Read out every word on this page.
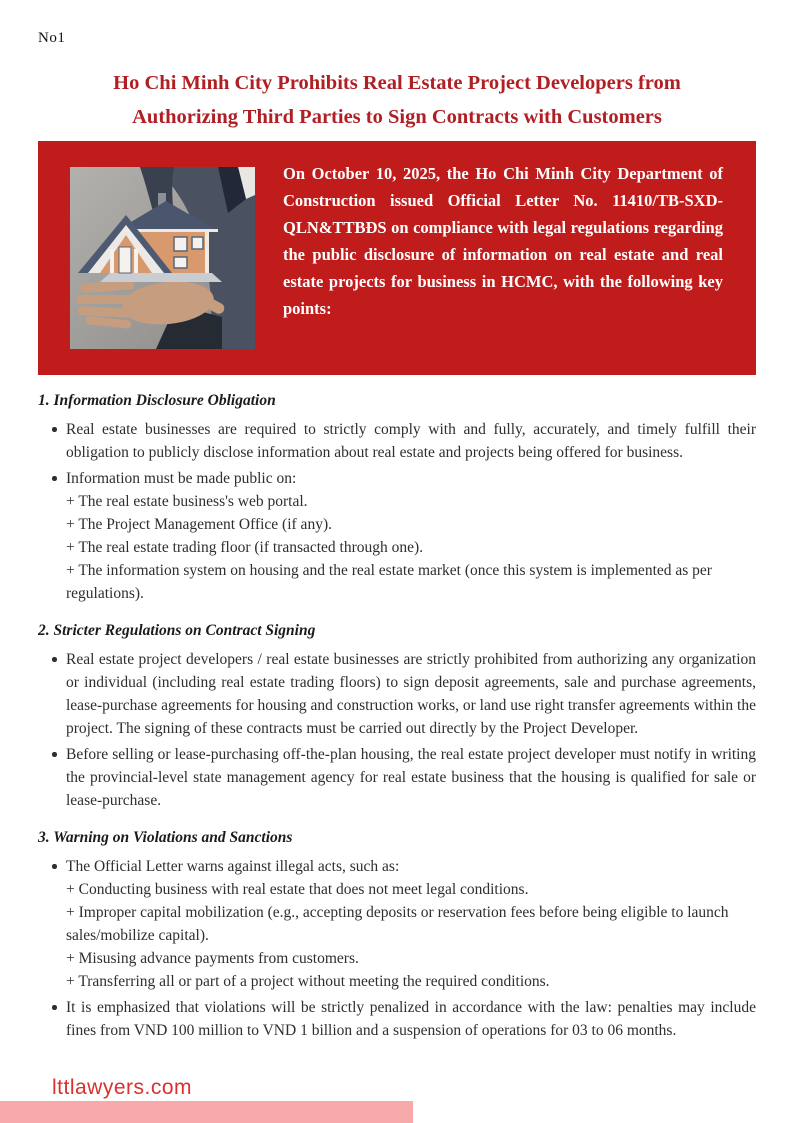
No1
Ho Chi Minh City Prohibits Real Estate Project Developers from Authorizing Third Parties to Sign Contracts with Customers

On October 10, 2025, the Ho Chi Minh City Department of Construction issued Official Letter No. 11410/TB-SXD-QLN&TTBĐS on compliance with legal regulations regarding the public disclosure of information on real estate and real estate projects for business in HCMC, with the following key points:

1. Information Disclosure Obligation
Real estate businesses are required to strictly comply with and fully, accurately, and timely fulfill their obligation to publicly disclose information about real estate and projects being offered for business.
Information must be made public on:
+ The real estate business's web portal.
+ The Project Management Office (if any).
+ The real estate trading floor (if transacted through one).
+ The information system on housing and the real estate market (once this system is implemented as per regulations).
2. Stricter Regulations on Contract Signing
Real estate project developers / real estate businesses are strictly prohibited from authorizing any organization or individual (including real estate trading floors) to sign deposit agreements, sale and purchase agreements, lease-purchase agreements for housing and construction works, or land use right transfer agreements within the project. The signing of these contracts must be carried out directly by the Project Developer.
Before selling or lease-purchasing off-the-plan housing, the real estate project developer must notify in writing the provincial-level state management agency for real estate business that the housing is qualified for sale or lease-purchase.
3. Warning on Violations and Sanctions
The Official Letter warns against illegal acts, such as:
+ Conducting business with real estate that does not meet legal conditions.
+ Improper capital mobilization (e.g., accepting deposits or reservation fees before being eligible to launch sales/mobilize capital).
+ Misusing advance payments from customers.
+ Transferring all or part of a project without meeting the required conditions.
It is emphasized that violations will be strictly penalized in accordance with the law: penalties may include fines from VND 100 million to VND 1 billion and a suspension of operations for 03 to 06 months.
lttlawyers.com
